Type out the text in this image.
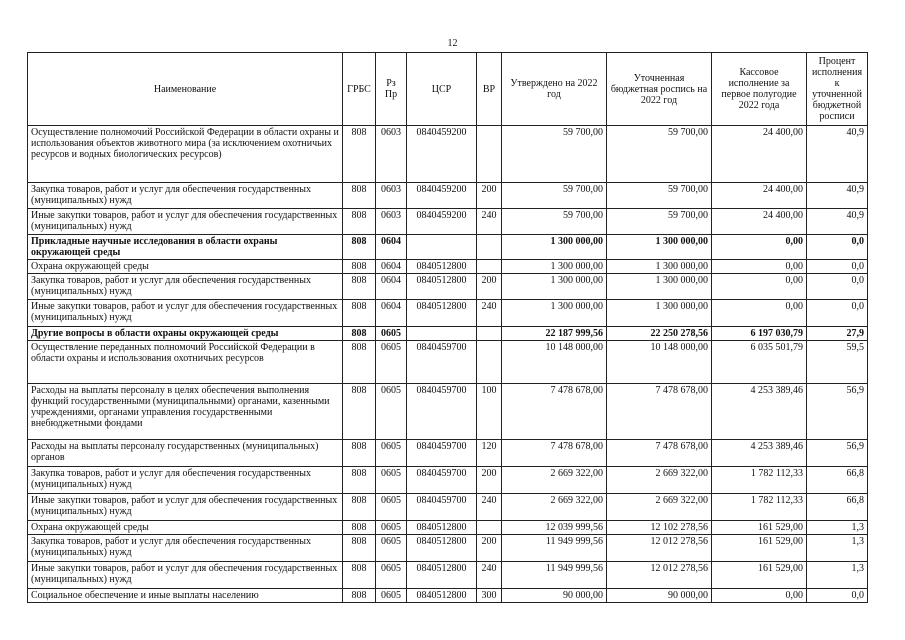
12
Наименование	ГРБС	Рз Пр	ЦСР	ВР	Утверждено на 2022 год	Уточненная бюджетная роспись на 2022 год	Кассовое исполнение за первое полугодие 2022 года	Процент исполнения к уточненной бюджетной росписи
Осуществление полномочий Российской Федерации в области охраны и использования объектов животного мира (за исключением охотничьих ресурсов и водных биологических ресурсов)	808	0603	0840459200		59 700,00	59 700,00	24 400,00	40,9
Закупка товаров, работ и услуг для обеспечения государственных (муниципальных) нужд	808	0603	0840459200	200	59 700,00	59 700,00	24 400,00	40,9
Иные закупки товаров, работ и услуг для обеспечения государственных (муниципальных) нужд	808	0603	0840459200	240	59 700,00	59 700,00	24 400,00	40,9
Прикладные научные исследования в области охраны окружающей среды	808	0604			1 300 000,00	1 300 000,00	0,00	0,0
Охрана окружающей среды	808	0604	0840512800		1 300 000,00	1 300 000,00	0,00	0,0
Закупка товаров, работ и услуг для обеспечения государственных (муниципальных) нужд	808	0604	0840512800	200	1 300 000,00	1 300 000,00	0,00	0,0
Иные закупки товаров, работ и услуг для обеспечения государственных (муниципальных) нужд	808	0604	0840512800	240	1 300 000,00	1 300 000,00	0,00	0,0
Другие вопросы в области охраны окружающей среды	808	0605			22 187 999,56	22 250 278,56	6 197 030,79	27,9
Осуществление переданных полномочий Российской Федерации в области охраны и использования охотничьих ресурсов	808	0605	0840459700		10 148 000,00	10 148 000,00	6 035 501,79	59,5
Расходы на выплаты персоналу в целях обеспечения выполнения функций государственными (муниципальными) органами, казенными учреждениями, органами управления государственными внебюджетными фондами	808	0605	0840459700	100	7 478 678,00	7 478 678,00	4 253 389,46	56,9
Расходы на выплаты персоналу государственных (муниципальных) органов	808	0605	0840459700	120	7 478 678,00	7 478 678,00	4 253 389,46	56,9
Закупка товаров, работ и услуг для обеспечения государственных (муниципальных) нужд	808	0605	0840459700	200	2 669 322,00	2 669 322,00	1 782 112,33	66,8
Иные закупки товаров, работ и услуг для обеспечения государственных (муниципальных) нужд	808	0605	0840459700	240	2 669 322,00	2 669 322,00	1 782 112,33	66,8
Охрана окружающей среды	808	0605	0840512800		12 039 999,56	12 102 278,56	161 529,00	1,3
Закупка товаров, работ и услуг для обеспечения государственных (муниципальных) нужд	808	0605	0840512800	200	11 949 999,56	12 012 278,56	161 529,00	1,3
Иные закупки товаров, работ и услуг для обеспечения государственных (муниципальных) нужд	808	0605	0840512800	240	11 949 999,56	12 012 278,56	161 529,00	1,3
Социальное обеспечение и иные выплаты населению	808	0605	0840512800	300	90 000,00	90 000,00	0,00	0,0
